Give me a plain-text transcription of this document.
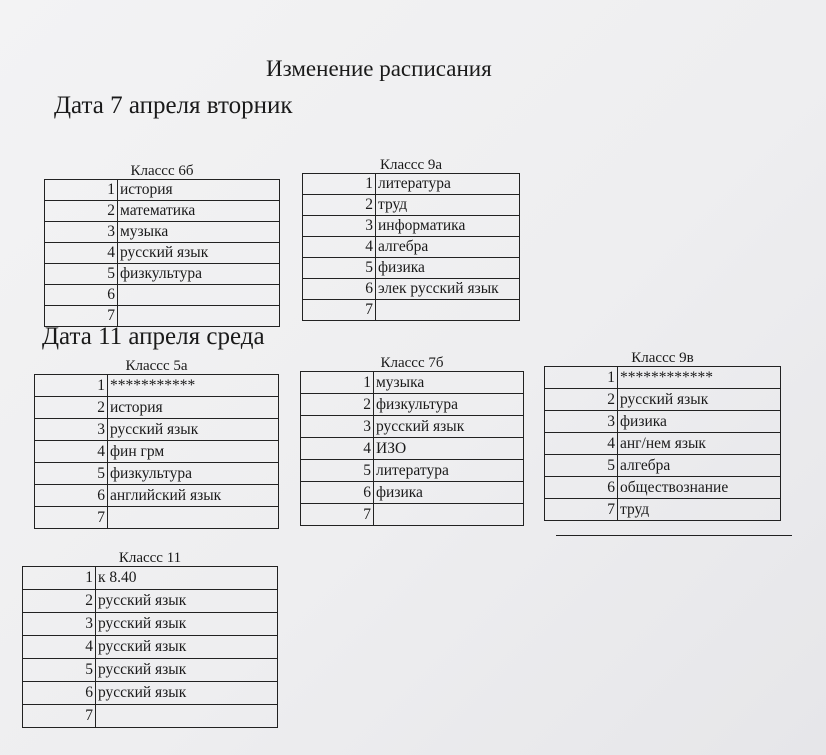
Изменение расписания
Дата 7 апреля вторник
Дата 11 апреля среда
Классс 6б
1	история
2	математика
3	музыка
4	русский язык
5	физкультура
6	
7	
Классс 9а
1	литература
2	труд
3	информатика
4	алгебра
5	физика
6	элек русский язык
7	
Классс 5а
1	***********
2	история
3	русский язык
4	фин грм
5	физкультура
6	английский язык
7	
Классс 7б
1	музыка
2	физкультура
3	русский язык
4	ИЗО
5	литература
6	физика
7	
Классс 9в
1	************
2	русский язык
3	физика
4	анг/нем язык
5	алгебра
6	обществознание
7	труд
Классс 11
1	к 8.40
2	русский язык
3	русский язык
4	русский язык
5	русский язык
6	русский язык
7	
